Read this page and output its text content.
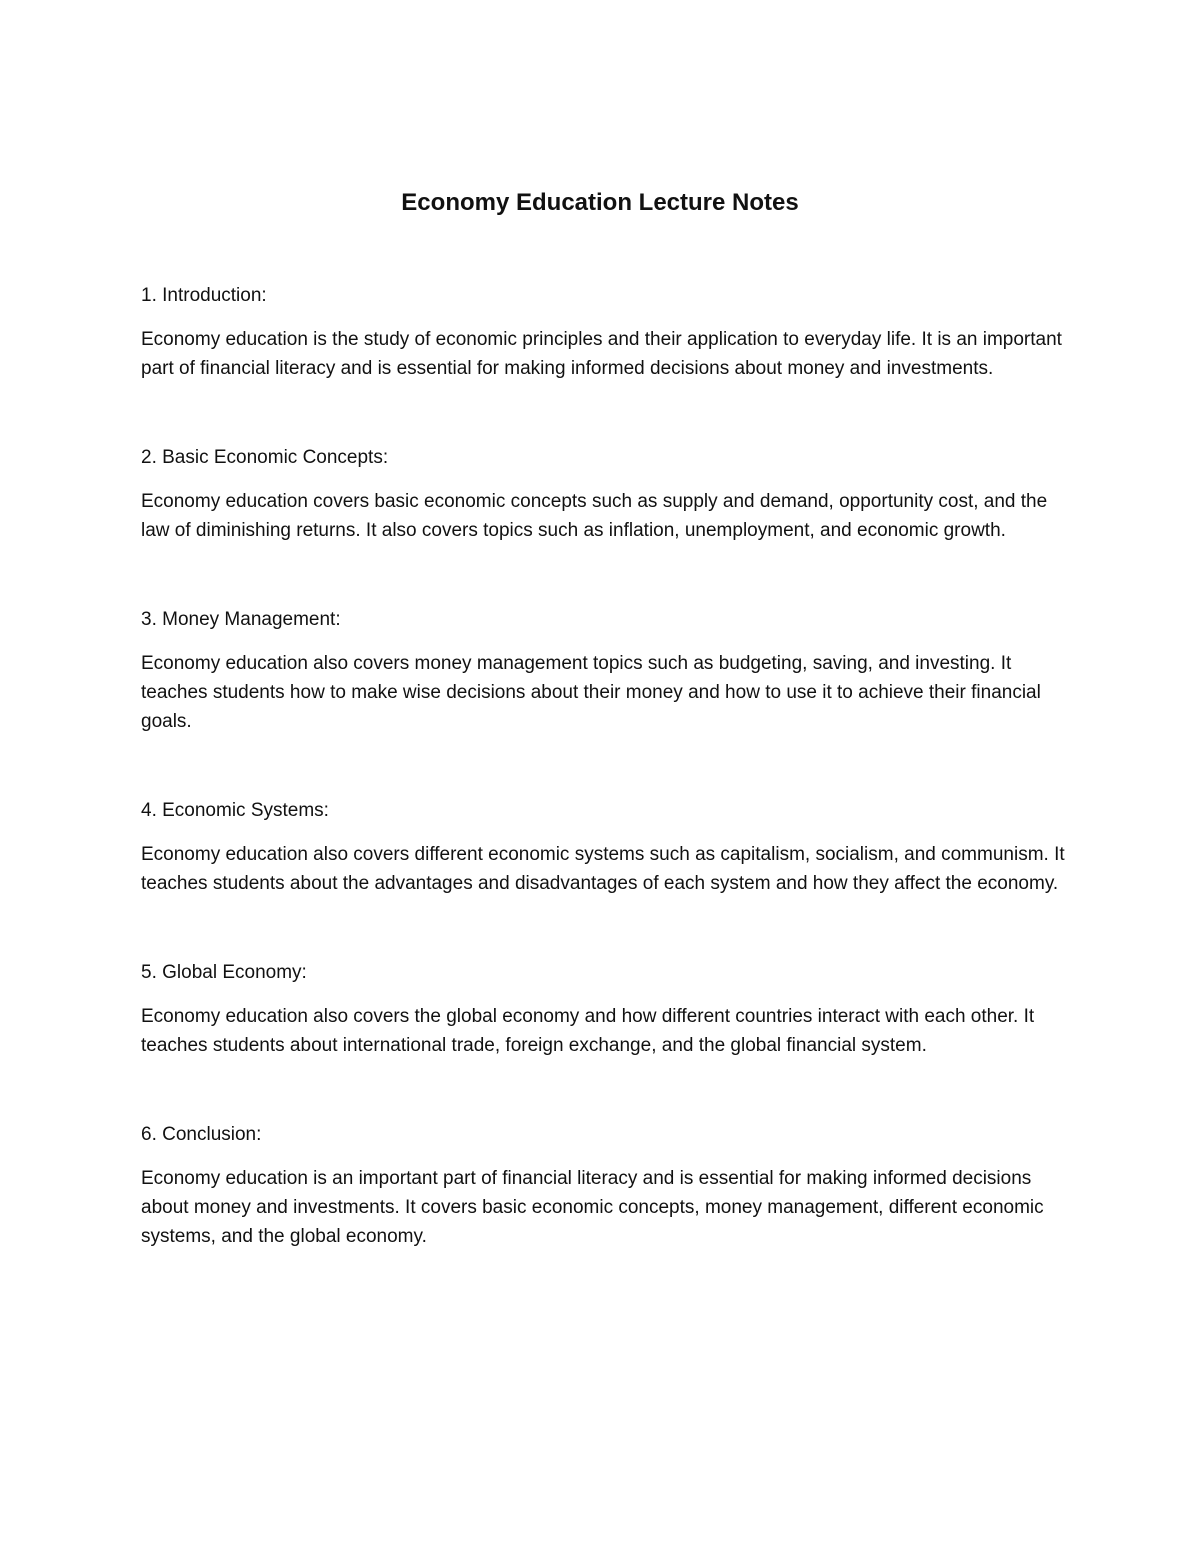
Economy Education Lecture Notes

1. Introduction:

Economy education is the study of economic principles and their application to everyday life. It is an important part of financial literacy and is essential for making informed decisions about money and investments.

2. Basic Economic Concepts:

Economy education covers basic economic concepts such as supply and demand, opportunity cost, and the law of diminishing returns. It also covers topics such as inflation, unemployment, and economic growth.

3. Money Management:

Economy education also covers money management topics such as budgeting, saving, and investing. It teaches students how to make wise decisions about their money and how to use it to achieve their financial goals.

4. Economic Systems:

Economy education also covers different economic systems such as capitalism, socialism, and communism. It teaches students about the advantages and disadvantages of each system and how they affect the economy.

5. Global Economy:

Economy education also covers the global economy and how different countries interact with each other. It teaches students about international trade, foreign exchange, and the global financial system.

6. Conclusion:

Economy education is an important part of financial literacy and is essential for making informed decisions about money and investments. It covers basic economic concepts, money management, different economic systems, and the global economy.
